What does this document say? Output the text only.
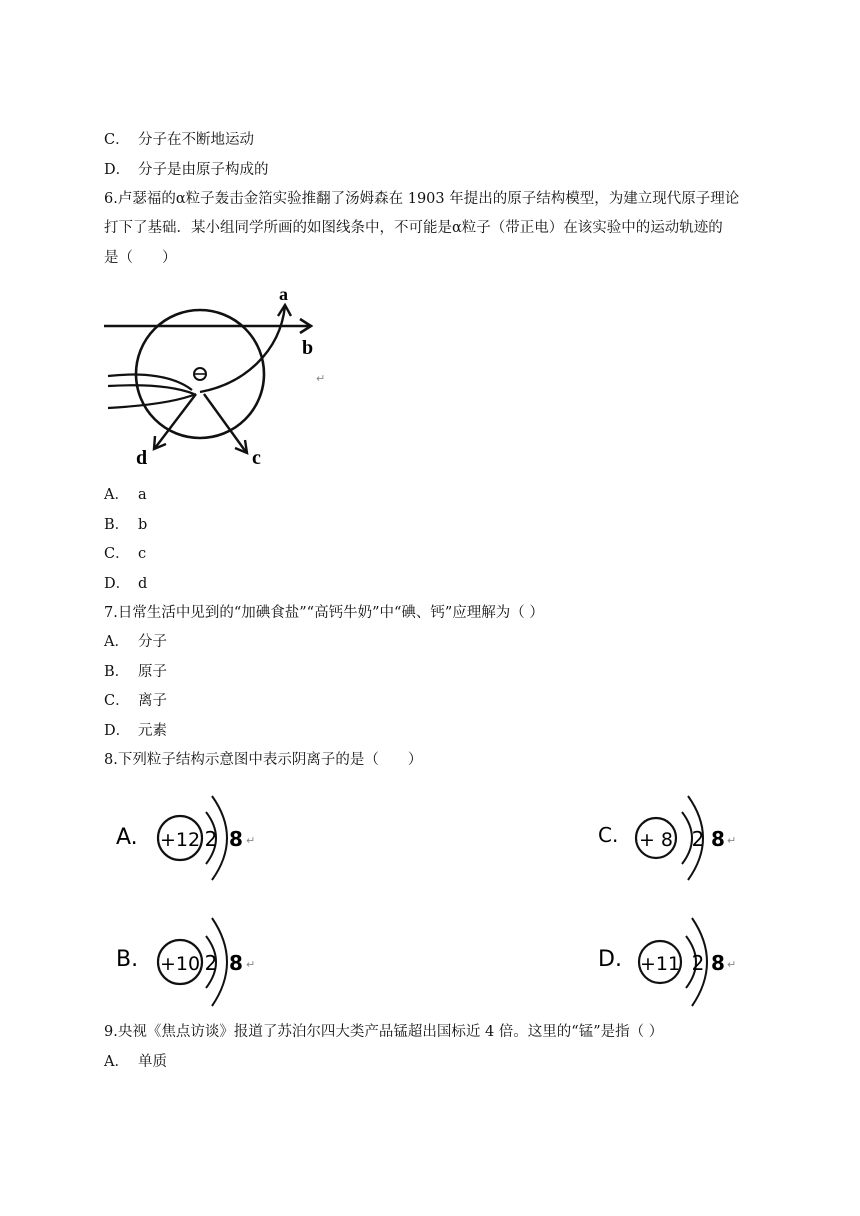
C． 分子在不断地运动
D． 分子是由原子构成的
6.卢瑟福的α粒子轰击金箔实验推翻了汤姆森在 1903 年提出的原子结构模型，为建立现代原子理论
打下了基础．某小组同学所画的如图线条中，不可能是α粒子（带正电）在该实验中的运动轨迹的
是（　　）
a
b
d	c
↵
A． a
B． b
C． c
D． d
7.日常生活中见到的“加碘食盐”“高钙牛奶”中“碘、钙”应理解为（ ）
A． 分子
B． 原子
C． 离子
D． 元素
8.下列粒子结构示意图中表示阴离子的是（　　）
A. +12 2 8 ↵	C. + 8 2 8 ↵
B. +10 2 8 ↵	D. +11 2 8 ↵
9.央视《焦点访谈》报道了苏泊尔四大类产品锰超出国标近 4 倍。这里的“锰”是指（ ）
A． 单质
